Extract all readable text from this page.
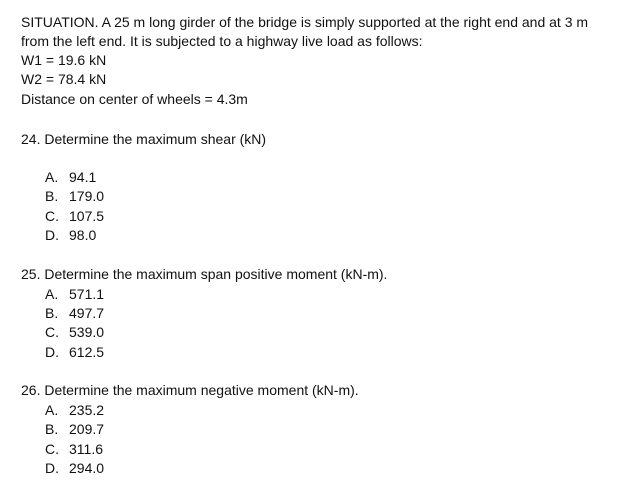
SITUATION. A 25 m long girder of the bridge is simply supported at the right end and at 3 m
from the left end. It is subjected to a highway live load as follows:
W1 = 19.6 kN
W2 = 78.4 kN
Distance on center of wheels = 4.3m
24. Determine the maximum shear (kN)
A. 94.1
B. 179.0
C. 107.5
D. 98.0
25. Determine the maximum span positive moment (kN-m).
A. 571.1
B. 497.7
C. 539.0
D. 612.5
26. Determine the maximum negative moment (kN-m).
A. 235.2
B. 209.7
C. 311.6
D. 294.0
